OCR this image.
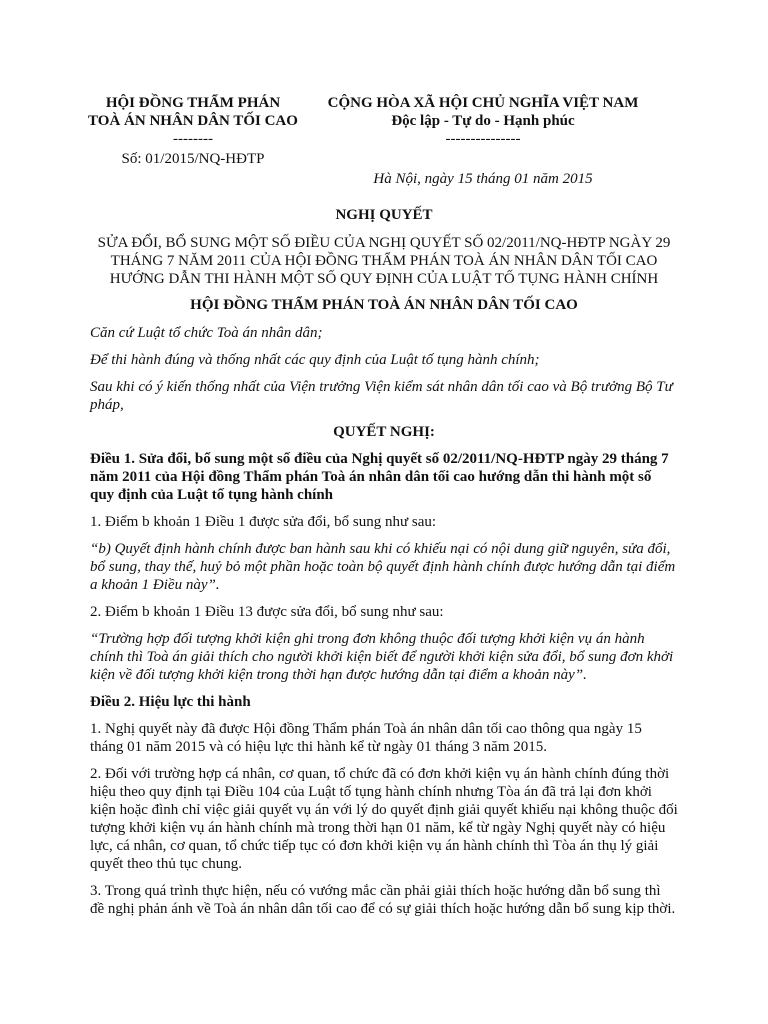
HỘI ĐỒNG THẨM PHÁN TOÀ ÁN NHÂN DÂN TỐI CAO
--------
Số: 01/2015/NQ-HĐTP
CỘNG HÒA XÃ HỘI CHỦ NGHĨA VIỆT NAM
Độc lập - Tự do - Hạnh phúc
---------------
Hà Nội, ngày 15 tháng 01 năm 2015
NGHỊ QUYẾT
SỬA ĐỔI, BỔ SUNG MỘT SỐ ĐIỀU CỦA NGHỊ QUYẾT SỐ 02/2011/NQ-HĐTP NGÀY 29 THÁNG 7 NĂM 2011 CỦA HỘI ĐỒNG THẨM PHÁN TOÀ ÁN NHÂN DÂN TỐI CAO HƯỚNG DẪN THI HÀNH MỘT SỐ QUY ĐỊNH CỦA LUẬT TỐ TỤNG HÀNH CHÍNH
HỘI ĐỒNG THẨM PHÁN TOÀ ÁN NHÂN DÂN TỐI CAO

Căn cứ Luật tổ chức Toà án nhân dân;

Để thi hành đúng và thống nhất các quy định của Luật tố tụng hành chính;

Sau khi có ý kiến thống nhất của Viện trưởng Viện kiểm sát nhân dân tối cao và Bộ trưởng Bộ Tư pháp,

QUYẾT NGHỊ:

Điều 1. Sửa đổi, bổ sung một số điều của Nghị quyết số 02/2011/NQ-HĐTP ngày 29 tháng 7 năm 2011 của Hội đồng Thẩm phán Toà án nhân dân tối cao hướng dẫn thi hành một số quy định của Luật tố tụng hành chính

1. Điểm b khoản 1 Điều 1 được sửa đổi, bổ sung như sau:

“b) Quyết định hành chính được ban hành sau khi có khiếu nại có nội dung giữ nguyên, sửa đổi, bổ sung, thay thế, huỷ bỏ một phần hoặc toàn bộ quyết định hành chính được hướng dẫn tại điểm a khoản 1 Điều này”.

2. Điểm b khoản 1 Điều 13 được sửa đổi, bổ sung như sau:

“Trường hợp đối tượng khởi kiện ghi trong đơn không thuộc đối tượng khởi kiện vụ án hành chính thì Toà án giải thích cho người khởi kiện biết để người khởi kiện sửa đổi, bổ sung đơn khởi kiện về đối tượng khởi kiện trong thời hạn được hướng dẫn tại điểm a khoản này”.

Điều 2. Hiệu lực thi hành

1. Nghị quyết này đã được Hội đồng Thẩm phán Toà án nhân dân tối cao thông qua ngày 15 tháng 01 năm 2015 và có hiệu lực thi hành kể từ ngày 01 tháng 3 năm 2015.

2. Đối với trường hợp cá nhân, cơ quan, tổ chức đã có đơn khởi kiện vụ án hành chính đúng thời hiệu theo quy định tại Điều 104 của Luật tố tụng hành chính nhưng Tòa án đã trả lại đơn khởi kiện hoặc đình chỉ việc giải quyết vụ án với lý do quyết định giải quyết khiếu nại không thuộc đối tượng khởi kiện vụ án hành chính mà trong thời hạn 01 năm, kể từ ngày Nghị quyết này có hiệu lực, cá nhân, cơ quan, tổ chức tiếp tục có đơn khởi kiện vụ án hành chính thì Tòa án thụ lý giải quyết theo thủ tục chung.

3. Trong quá trình thực hiện, nếu có vướng mắc cần phải giải thích hoặc hướng dẫn bổ sung thì đề nghị phản ánh về Toà án nhân dân tối cao để có sự giải thích hoặc hướng dẫn bổ sung kịp thời.
